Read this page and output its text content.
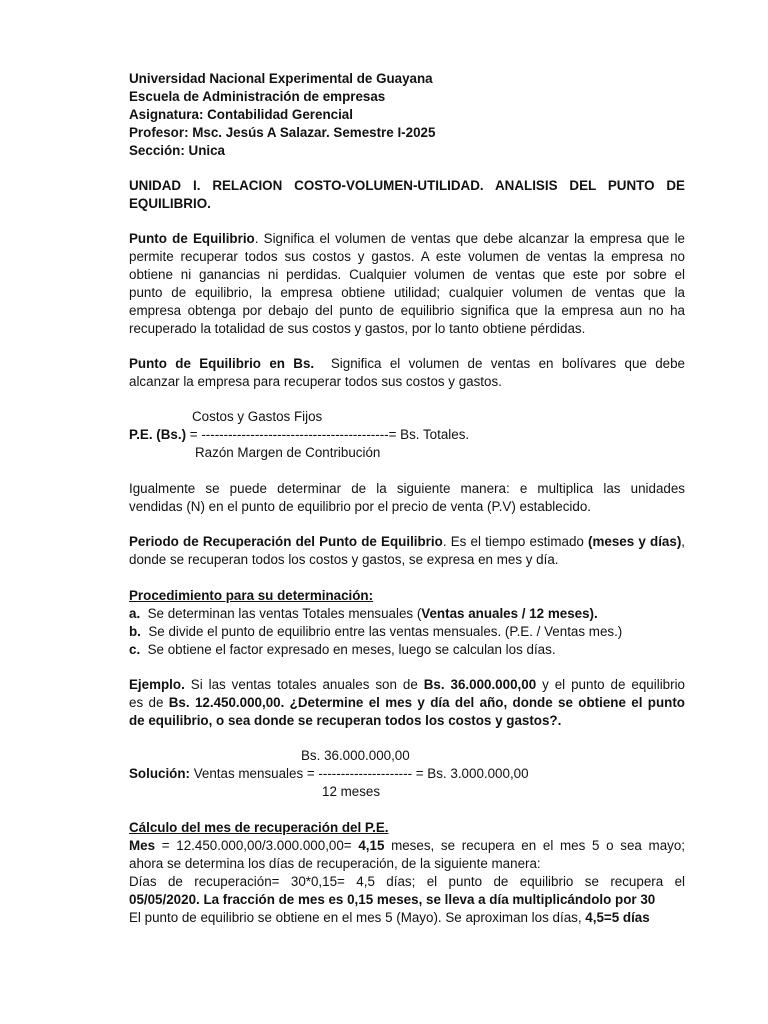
Universidad Nacional Experimental de Guayana
Escuela de Administración de empresas
Asignatura: Contabilidad Gerencial
Profesor: Msc. Jesús A Salazar. Semestre I-2025
Sección: Unica
UNIDAD I. RELACION COSTO-VOLUMEN-UTILIDAD. ANALISIS DEL PUNTO DE
EQUILIBRIO.
Punto de Equilibrio. Significa el volumen de ventas que debe alcanzar la empresa que le
permite recuperar todos sus costos y gastos. A este volumen de ventas la empresa no
obtiene ni ganancias ni perdidas. Cualquier volumen de ventas que este por sobre el
punto de equilibrio, la empresa obtiene utilidad; cualquier volumen de ventas que la
empresa obtenga por debajo del punto de equilibrio significa que la empresa aun no ha
recuperado la totalidad de sus costos y gastos, por lo tanto obtiene pérdidas.
Punto de Equilibrio en Bs. Significa el volumen de ventas en bolívares que debe
alcanzar la empresa para recuperar todos sus costos y gastos.
Costos y Gastos Fijos
P.E. (Bs.) = ------------------------------------------= Bs. Totales.
Razón Margen de Contribución
Igualmente se puede determinar de la siguiente manera: e multiplica las unidades
vendidas (N) en el punto de equilibrio por el precio de venta (P.V) establecido.
Periodo de Recuperación del Punto de Equilibrio. Es el tiempo estimado (meses y días),
donde se recuperan todos los costos y gastos, se expresa en mes y día.
Procedimiento para su determinación:
a. Se determinan las ventas Totales mensuales (Ventas anuales / 12 meses).
b. Se divide el punto de equilibrio entre las ventas mensuales. (P.E. / Ventas mes.)
c. Se obtiene el factor expresado en meses, luego se calculan los días.
Ejemplo. Si las ventas totales anuales son de Bs. 36.000.000,00 y el punto de equilibrio
es de Bs. 12.450.000,00. ¿Determine el mes y día del año, donde se obtiene el punto
de equilibrio, o sea donde se recuperan todos los costos y gastos?.
Bs. 36.000.000,00
Solución: Ventas mensuales = --------------------- = Bs. 3.000.000,00
12 meses
Cálculo del mes de recuperación del P.E.
Mes = 12.450.000,00/3.000.000,00= 4,15 meses, se recupera en el mes 5 o sea mayo;
ahora se determina los días de recuperación, de la siguiente manera:
Días de recuperación= 30*0,15= 4,5 días; el punto de equilibrio se recupera el
05/05/2020. La fracción de mes es 0,15 meses, se lleva a día multiplicándolo por 30
El punto de equilibrio se obtiene en el mes 5 (Mayo). Se aproximan los días, 4,5=5 días
